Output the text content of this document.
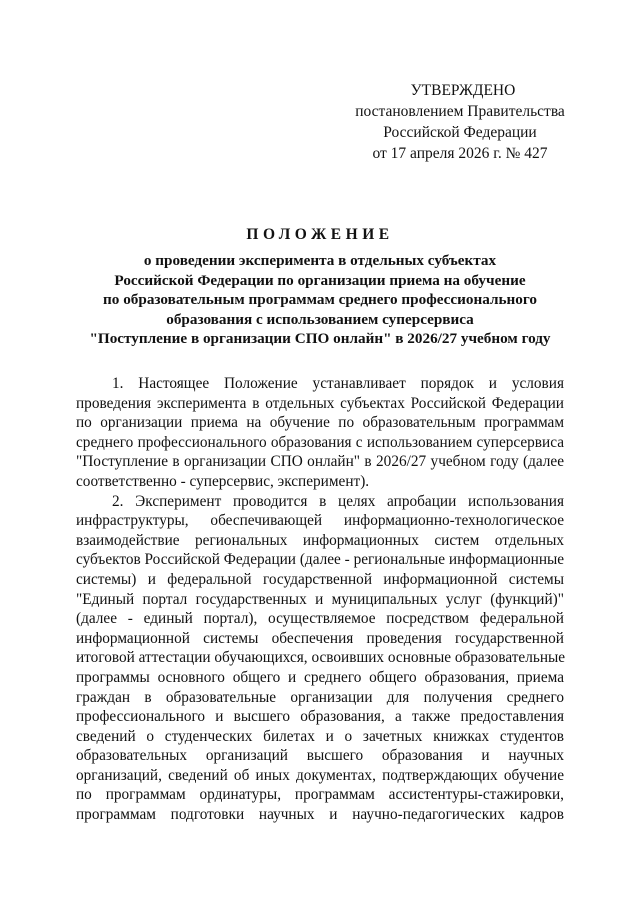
УТВЕРЖДЕНО
постановлением Правительства
Российской Федерации
от 17 апреля 2026 г. № 427
ПОЛОЖЕНИЕ
о проведении эксперимента в отдельных субъектах
Российской Федерации по организации приема на обучение
по образовательным программам среднего профессионального
образования с использованием суперсервиса
"Поступление в организации СПО онлайн" в 2026/27 учебном году
1. Настоящее Положение устанавливает порядок и условия
проведения эксперимента в отдельных субъектах Российской Федерации
по организации приема на обучение по образовательным программам
среднего профессионального образования с использованием суперсервиса
"Поступление в организации СПО онлайн" в 2026/27 учебном году (далее
соответственно - суперсервис, эксперимент).
2. Эксперимент проводится в целях апробации использования
инфраструктуры, обеспечивающей информационно-технологическое
взаимодействие региональных информационных систем отдельных
субъектов Российской Федерации (далее - региональные информационные
системы) и федеральной государственной информационной системы
"Единый портал государственных и муниципальных услуг (функций)"
(далее - единый портал), осуществляемое посредством федеральной
информационной системы обеспечения проведения государственной
итоговой аттестации обучающихся, освоивших основные образовательные
программы основного общего и среднего общего образования, приема
граждан в образовательные организации для получения среднего
профессионального и высшего образования, а также предоставления
сведений о студенческих билетах и о зачетных книжках студентов
образовательных организаций высшего образования и научных
организаций, сведений об иных документах, подтверждающих обучение
по программам ординатуры, программам ассистентуры-стажировки,
программам подготовки научных и научно-педагогических кадров
